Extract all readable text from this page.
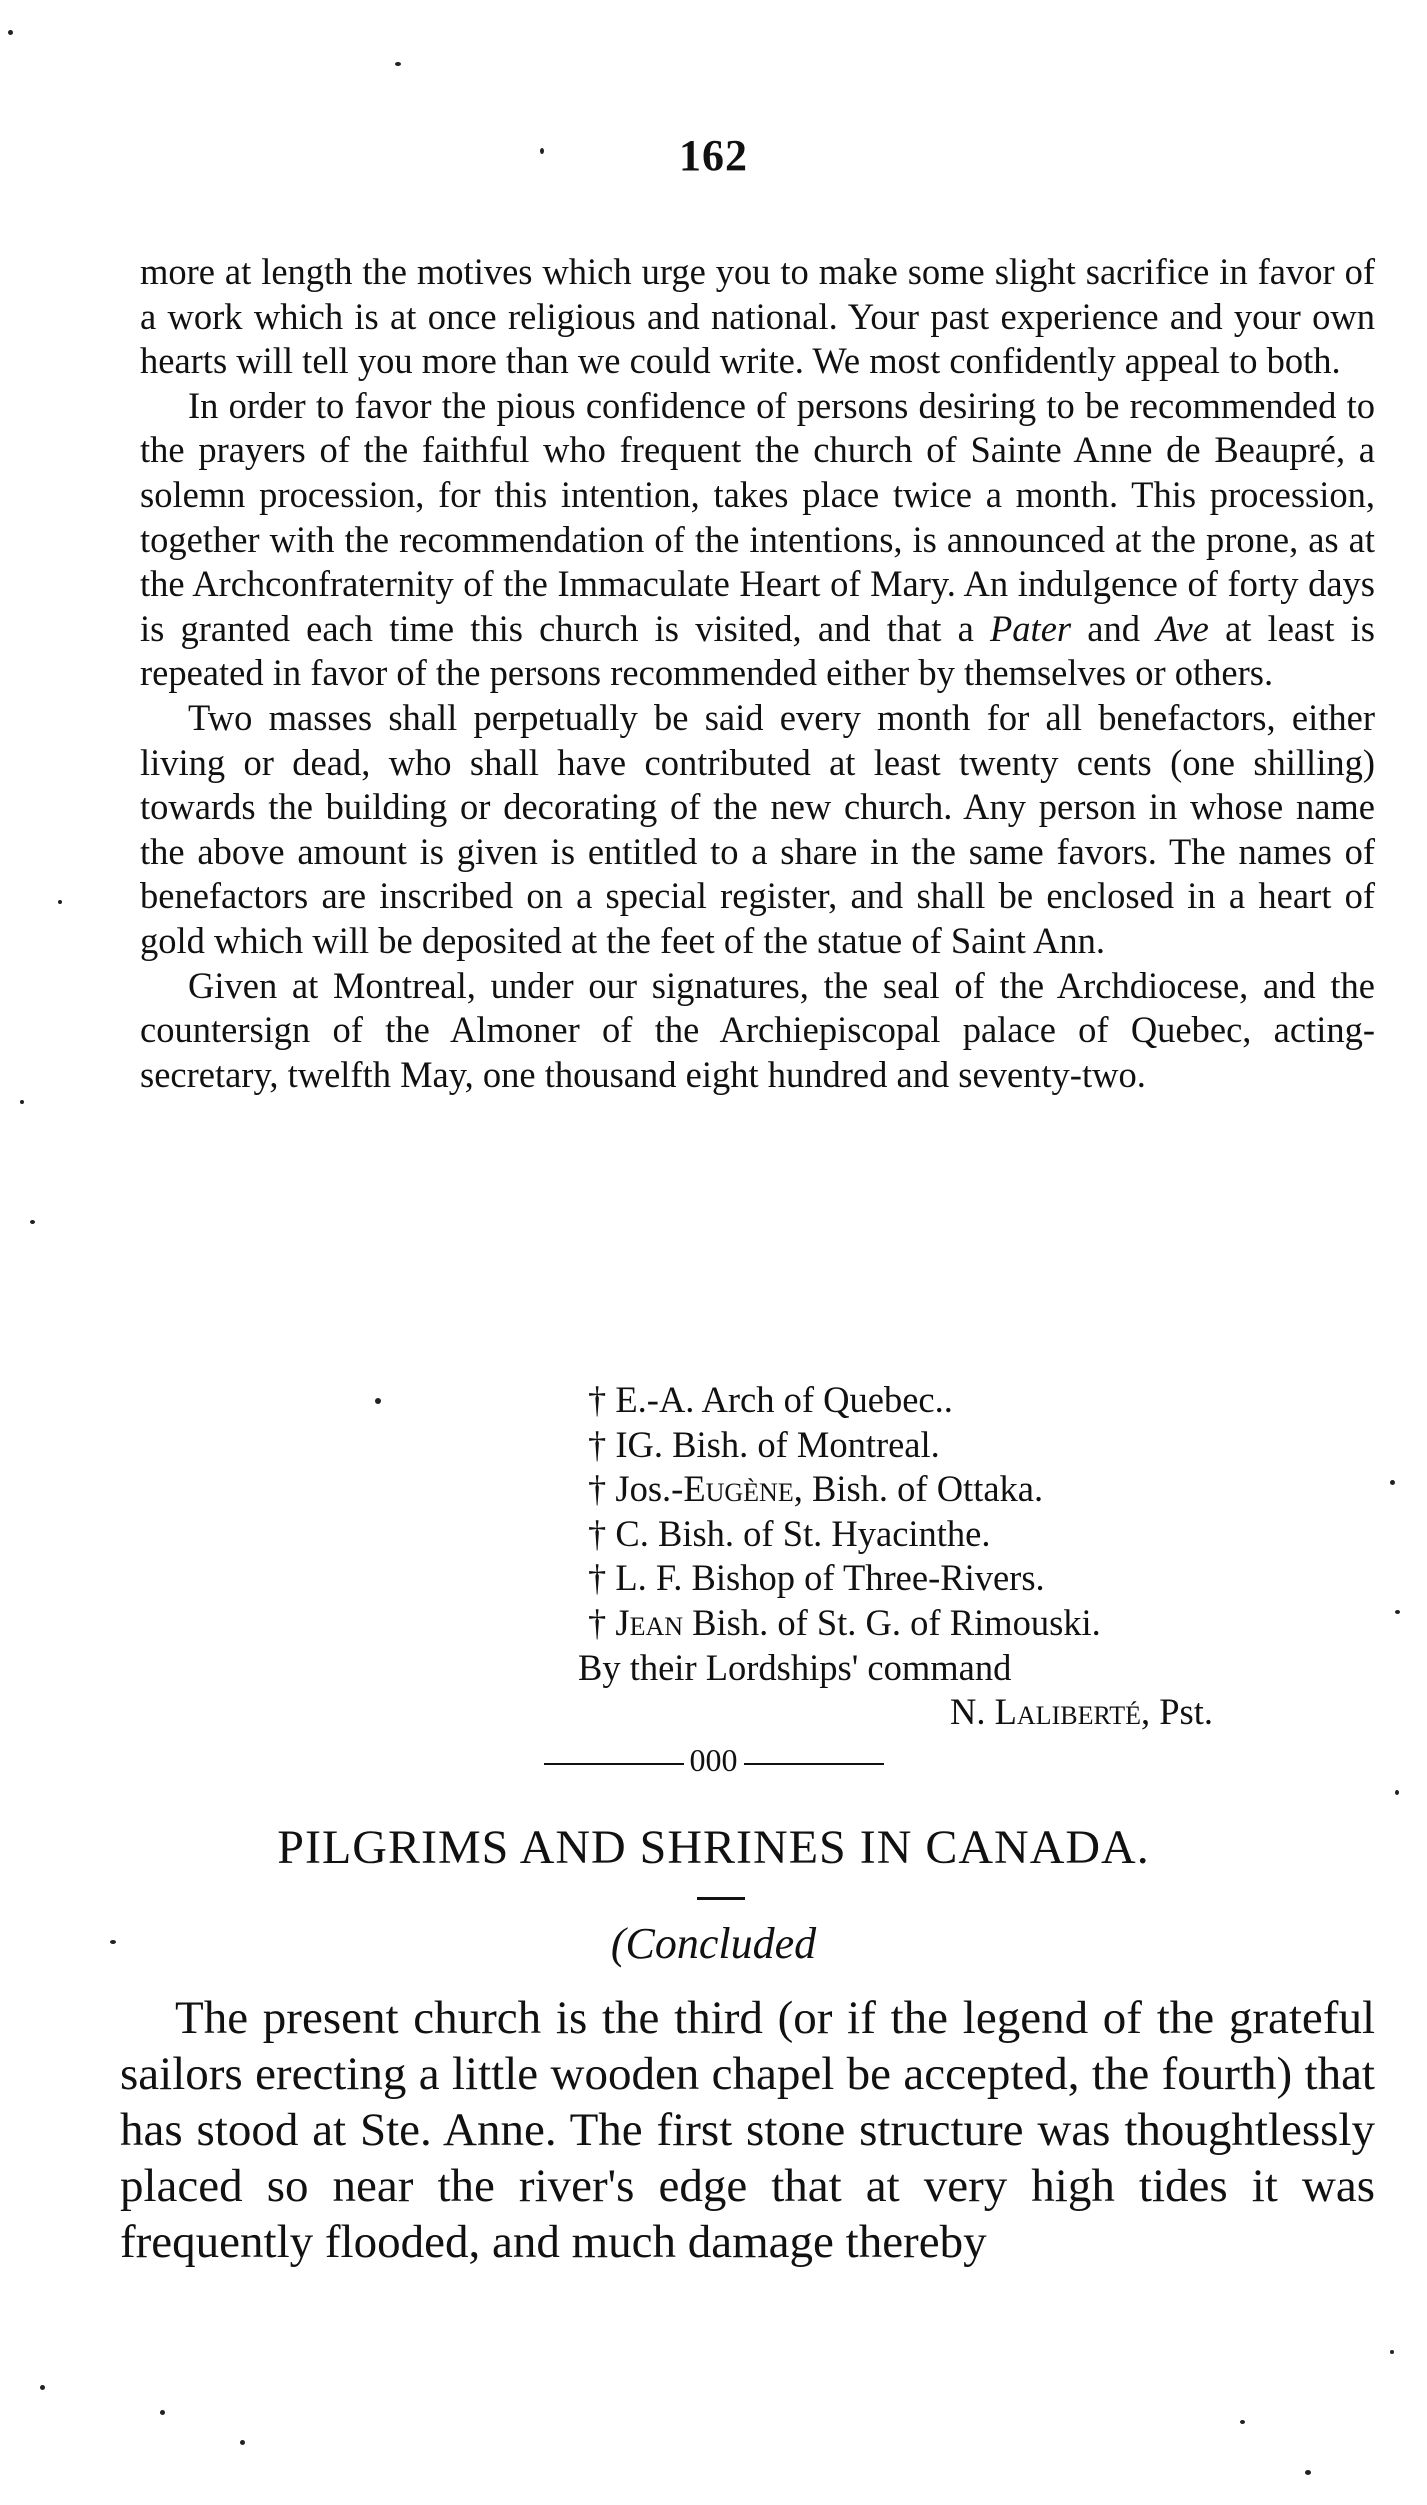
162

more at length the motives which urge you to make some slight sacrifice in favor of a work which is at once religious and national. Your past experience and your own hearts will tell you more than we could write. We most confidently appeal to both.

In order to favor the pious confidence of persons desiring to be recommended to the prayers of the faithful who frequent the church of Sainte Anne de Beaupré, a solemn procession, for this intention, takes place twice a month. This procession, together with the recommendation of the intentions, is announced at the prone, as at the Archconfraternity of the Immaculate Heart of Mary. An indulgence of forty days is granted each time this church is visited, and that a Pater and Ave at least is repeated in favor of the persons recommended either by themselves or others.

Two masses shall perpetually be said every month for all benefactors, either living or dead, who shall have contributed at least twenty cents (one shilling) towards the building or decorating of the new church. Any person in whose name the above amount is given is entitled to a share in the same favors. The names of benefactors are inscribed on a special register, and shall be enclosed in a heart of gold which will be deposited at the feet of the statue of Saint Ann.

Given at Montreal, under our signatures, the seal of the Archdiocese, and the countersign of the Almoner of the Archiepiscopal palace of Quebec, acting-secretary, twelfth May, one thousand eight hundred and seventy-two.

† E.-A. Arch of Quebec..
† IG. Bish. of Montreal.
† Jos.-Eugène, Bish. of Ottaka.
† C. Bish. of St. Hyacinthe.
† L. F. Bishop of Three-Rivers.
† Jean Bish. of St. G. of Rimouski.
By their Lordships' command
N. Laliberté, Pst.
000
PILGRIMS AND SHRINES IN CANADA.
(Concluded

The present church is the third (or if the legend of the grateful sailors erecting a little wooden chapel be accepted, the fourth) that has stood at Ste. Anne. The first stone structure was thoughtlessly placed so near the river's edge that at very high tides it was frequently flooded, and much damage thereby
